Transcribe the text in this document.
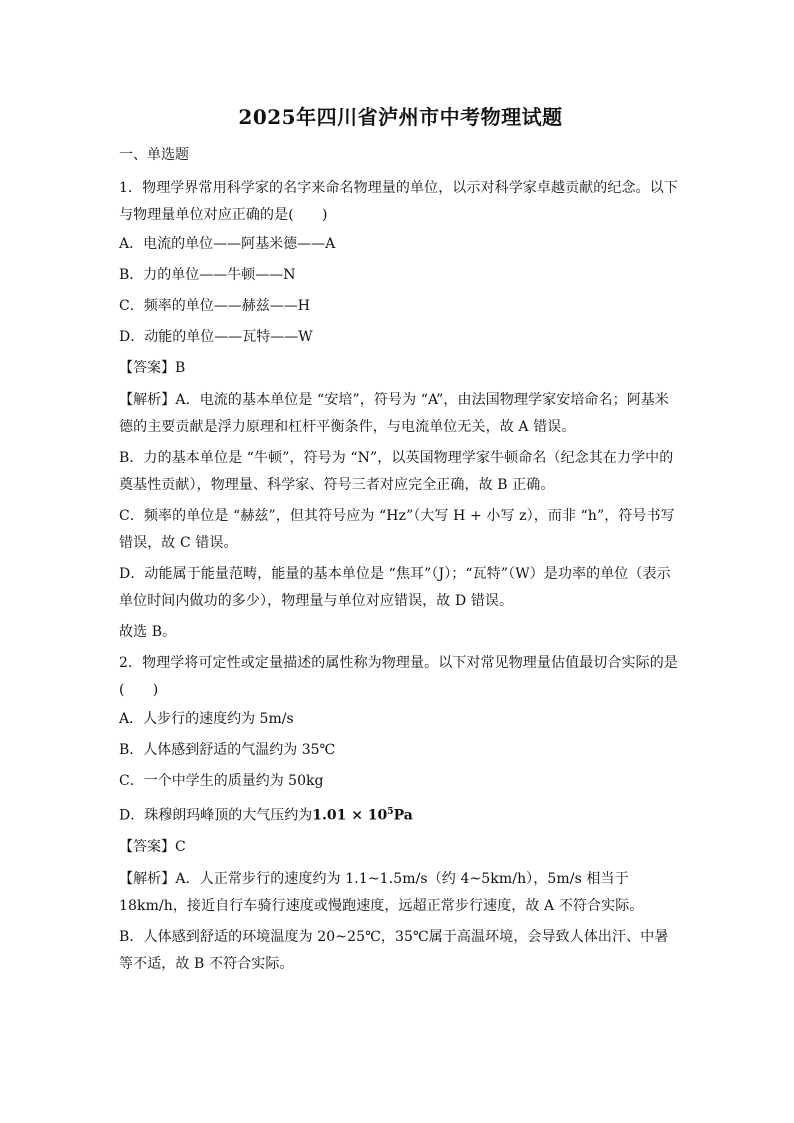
2025年四川省泸州市中考物理试题
一、单选题
1．物理学界常用科学家的名字来命名物理量的单位，以示对科学家卓越贡献的纪念。以下与物理量单位对应正确的是(　　)
A．电流的单位——阿基米德——A
B．力的单位——牛顿——N
C．频率的单位——赫兹——H
D．动能的单位——瓦特——W
【答案】B
【解析】A．电流的基本单位是 “安培”，符号为 “A”，由法国物理学家安培命名；阿基米德的主要贡献是浮力原理和杠杆平衡条件，与电流单位无关，故 A 错误。
B．力的基本单位是 “牛顿”，符号为 “N”，以英国物理学家牛顿命名（纪念其在力学中的奠基性贡献），物理量、科学家、符号三者对应完全正确，故 B 正确。
C．频率的单位是 “赫兹”，但其符号应为 “Hz”（大写 H + 小写 z），而非 “h”，符号书写错误，故 C 错误。
D．动能属于能量范畴，能量的基本单位是 “焦耳”（J）；“瓦特”（W）是功率的单位（表示单位时间内做功的多少），物理量与单位对应错误，故 D 错误。
故选 B。
2．物理学将可定性或定量描述的属性称为物理量。以下对常见物理量估值最切合实际的是(　　)
A．人步行的速度约为 5m/s
B．人体感到舒适的气温约为 35℃
C．一个中学生的质量约为 50kg
D．珠穆朗玛峰顶的大气压约为$1.01 \times 10^5Pa$
【答案】C
【解析】A．人正常步行的速度约为 1.1~1.5m/s（约 4~5km/h），5m/s 相当于18km/h，接近自行车骑行速度或慢跑速度，远超正常步行速度，故 A 不符合实际。
B．人体感到舒适的环境温度为 20~25℃，35℃属于高温环境，会导致人体出汗、中暑等不适，故 B 不符合实际。
